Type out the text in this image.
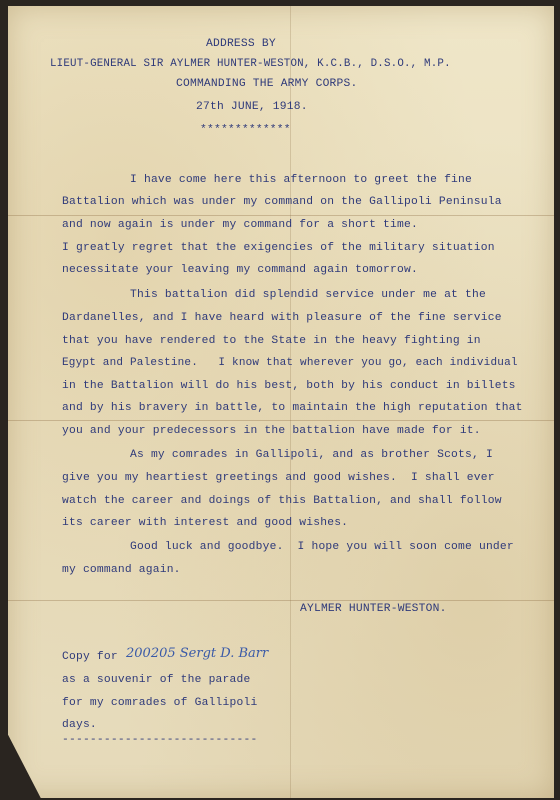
ADDRESS BY
LIEUT-GENERAL SIR AYLMER HUNTER-WESTON, K.C.B., D.S.O., M.P.
COMMANDING THE ARMY CORPS.
27th JUNE, 1918.
*************
I have come here this afternoon to greet the fine
Battalion which was under my command on the Gallipoli Peninsula
and now again is under my command for a short time.
I greatly regret that the exigencies of the military situation
necessitate your leaving my command again tomorrow.
This battalion did splendid service under me at the
Dardanelles, and I have heard with pleasure of the fine service
that you have rendered to the State in the heavy fighting in
Egypt and Palestine.   I know that wherever you go, each individual
in the Battalion will do his best, both by his conduct in billets
and by his bravery in battle, to maintain the high reputation that
you and your predecessors in the battalion have made for it.
As my comrades in Gallipoli, and as brother Scots, I
give you my heartiest greetings and good wishes.  I shall ever
watch the career and doings of this Battalion, and shall follow
its career with interest and good wishes.
Good luck and goodbye.  I hope you will soon come under
my command again.
AYLMER HUNTER-WESTON.
Copy for 200205 Sergt D. Barr
as a souvenir of the parade
for my comrades of Gallipoli
days.
----------------------------
